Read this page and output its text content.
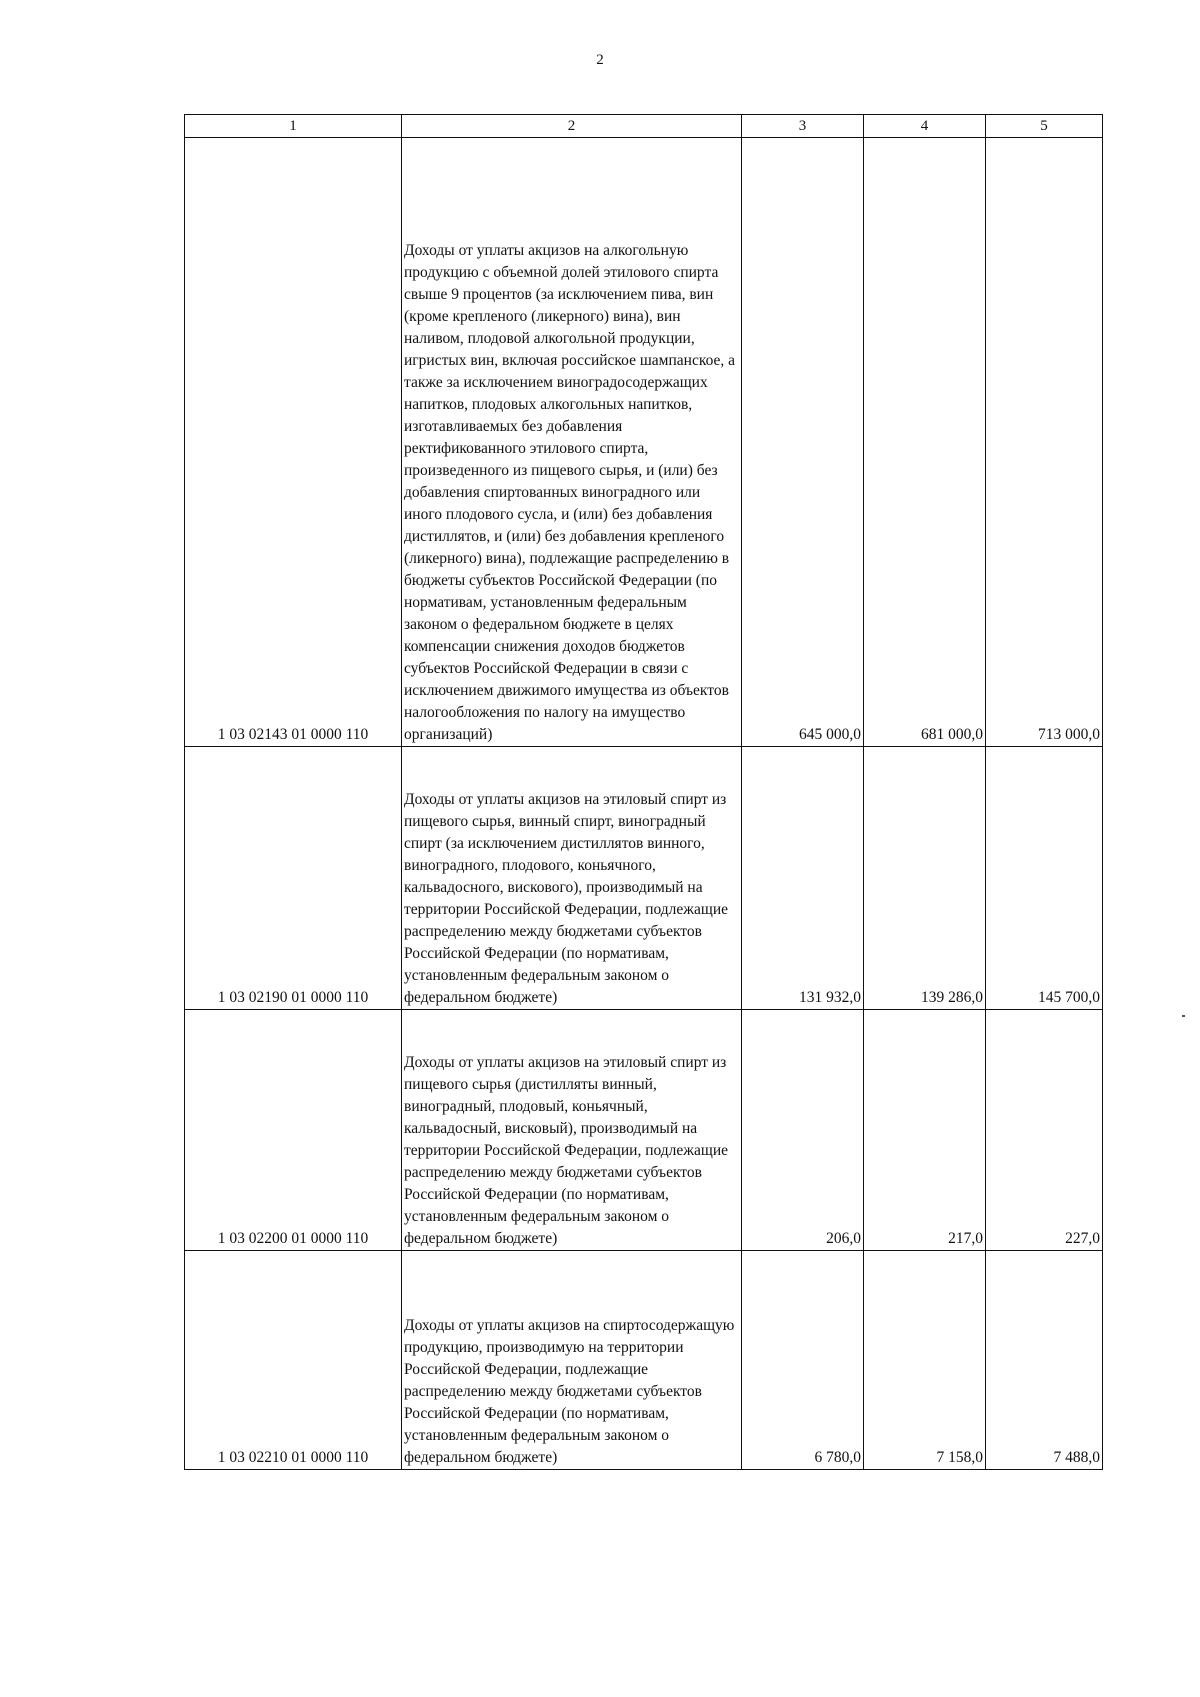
2
1	2	3	4	5
1 03 02143 01 0000 110	Доходы от уплаты акцизов на алкогольную продукцию с объемной долей этилового спирта свыше 9 процентов (за исключением пива, вин (кроме крепленого (ликерного) вина), вин наливом, плодовой алкогольной продукции, игристых вин, включая российское шампанское, а также за исключением виноградосодержащих напитков, плодовых алкогольных напитков, изготавливаемых без добавления ректификованного этилового спирта, произведенного из пищевого сырья, и (или) без добавления спиртованных виноградного или иного плодового сусла, и (или) без добавления дистиллятов, и (или) без добавления крепленого (ликерного) вина), подлежащие распределению в бюджеты субъектов Российской Федерации (по нормативам, установленным федеральным законом о федеральном бюджете в целях компенсации снижения доходов бюджетов субъектов Российской Федерации в связи с исключением движимого имущества из объектов налогообложения по налогу на имущество организаций)	645 000,0	681 000,0	713 000,0
1 03 02190 01 0000 110	Доходы от уплаты акцизов на этиловый спирт из пищевого сырья, винный спирт, виноградный спирт (за исключением дистиллятов винного, виноградного, плодового, коньячного, кальвадосного, вискового), производимый на территории Российской Федерации, подлежащие распределению между бюджетами субъектов Российской Федерации (по нормативам, установленным федеральным законом о федеральном бюджете)	131 932,0	139 286,0	145 700,0
1 03 02200 01 0000 110	Доходы от уплаты акцизов на этиловый спирт из пищевого сырья (дистилляты винный, виноградный, плодовый, коньячный, кальвадосный, висковый), производимый на территории Российской Федерации, подлежащие распределению между бюджетами субъектов Российской Федерации (по нормативам, установленным федеральным законом о федеральном бюджете)	206,0	217,0	227,0
1 03 02210 01 0000 110	Доходы от уплаты акцизов на спиртосодержащую продукцию, производимую на территории Российской Федерации, подлежащие распределению между бюджетами субъектов Российской Федерации (по нормативам, установленным федеральным законом о федеральном бюджете)	6 780,0	7 158,0	7 488,0
